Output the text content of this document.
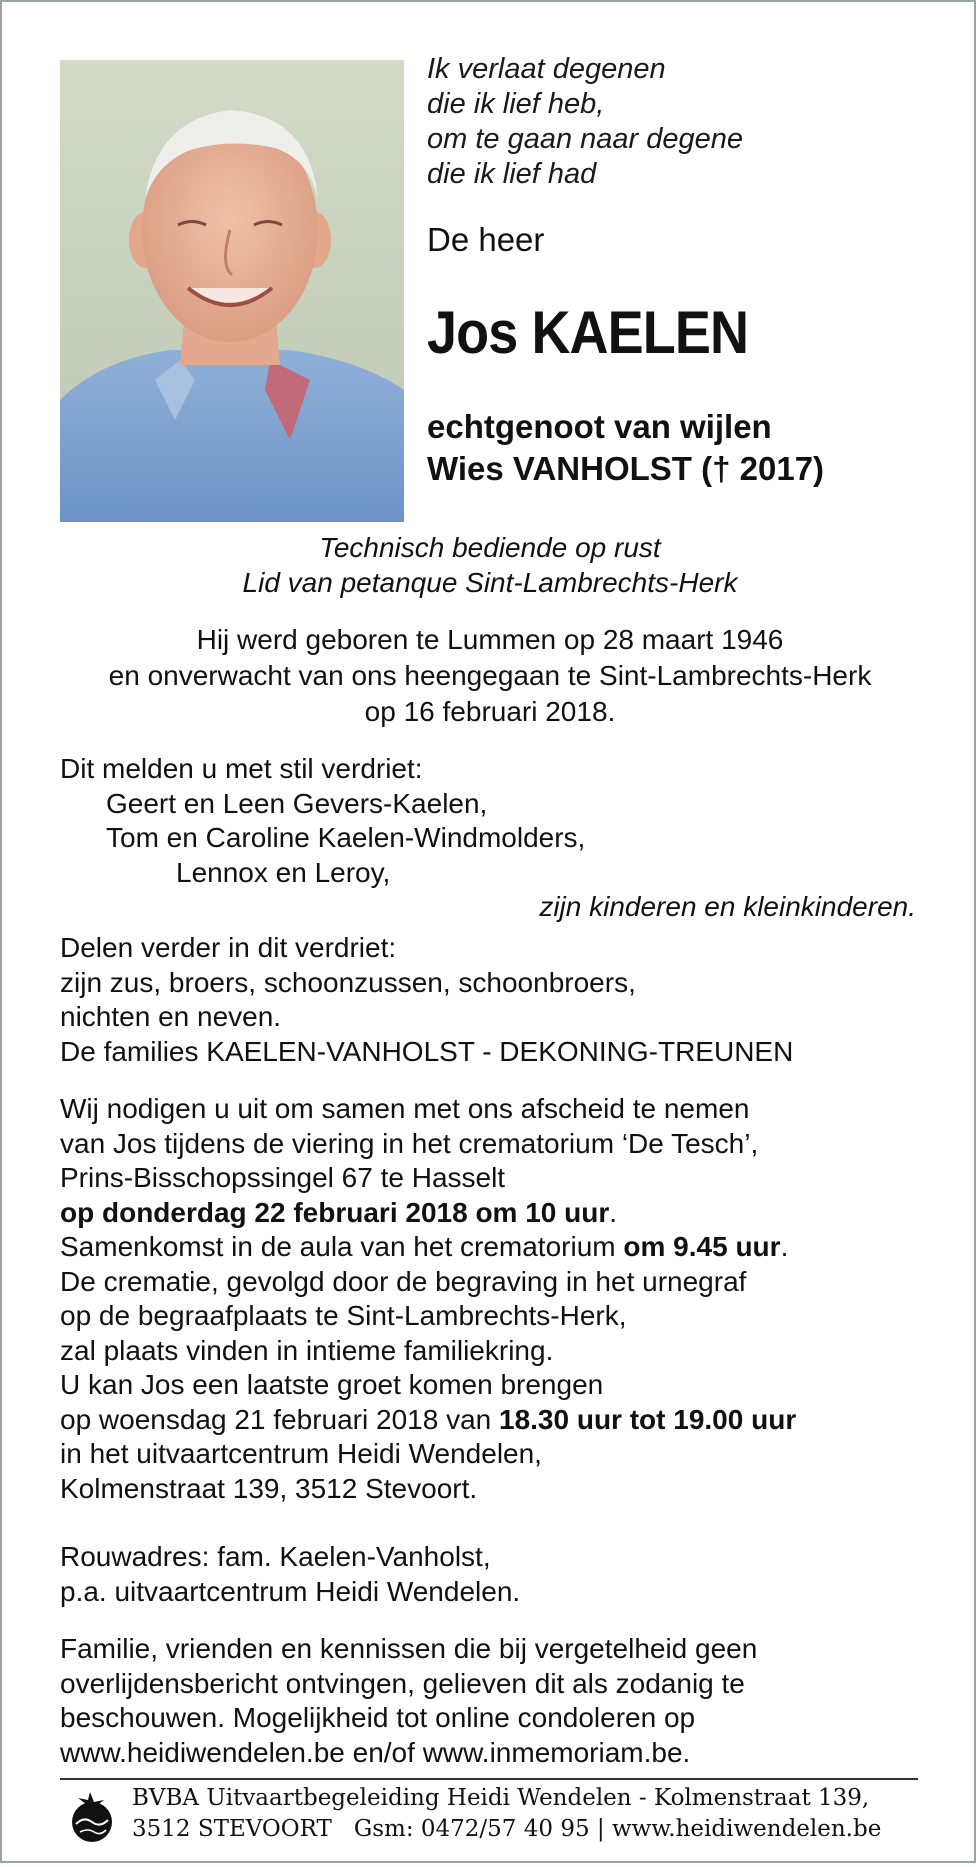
Ik verlaat degenen
die ik lief heb,
om te gaan naar degene
die ik lief had
De heer
Jos KAELEN
echtgenoot van wijlen
Wies VANHOLST († 2017)
Technisch bediende op rust
Lid van petanque Sint-Lambrechts-Herk
Hij werd geboren te Lummen op 28 maart 1946
en onverwacht van ons heengegaan te Sint-Lambrechts-Herk
op 16 februari 2018.
Dit melden u met stil verdriet:
Geert en Leen Gevers-Kaelen,
Tom en Caroline Kaelen-Windmolders,
Lennox en Leroy,
zijn kinderen en kleinkinderen.
Delen verder in dit verdriet:
zijn zus, broers, schoonzussen, schoonbroers,
nichten en neven.
De families KAELEN-VANHOLST - DEKONING-TREUNEN
Wij nodigen u uit om samen met ons afscheid te nemen
van Jos tijdens de viering in het crematorium ‘De Tesch’,
Prins-Bisschopssingel 67 te Hasselt
op donderdag 22 februari 2018 om 10 uur.
Samenkomst in de aula van het crematorium om 9.45 uur.
De crematie, gevolgd door de begraving in het urnegraf
op de begraafplaats te Sint-Lambrechts-Herk,
zal plaats vinden in intieme familiekring.
U kan Jos een laatste groet komen brengen
op woensdag 21 februari 2018 van 18.30 uur tot 19.00 uur
in het uitvaartcentrum Heidi Wendelen,
Kolmenstraat 139, 3512 Stevoort.
Rouwadres: fam. Kaelen-Vanholst,
p.a. uitvaartcentrum Heidi Wendelen.
Familie, vrienden en kennissen die bij vergetelheid geen
overlijdensbericht ontvingen, gelieven dit als zodanig te
beschouwen. Mogelijkheid tot online condoleren op
www.heidiwendelen.be en/of www.inmemoriam.be.
BVBA Uitvaartbegeleiding Heidi Wendelen - Kolmenstraat 139,
3512 STEVOORT   Gsm: 0472/57 40 95 | www.heidiwendelen.be
